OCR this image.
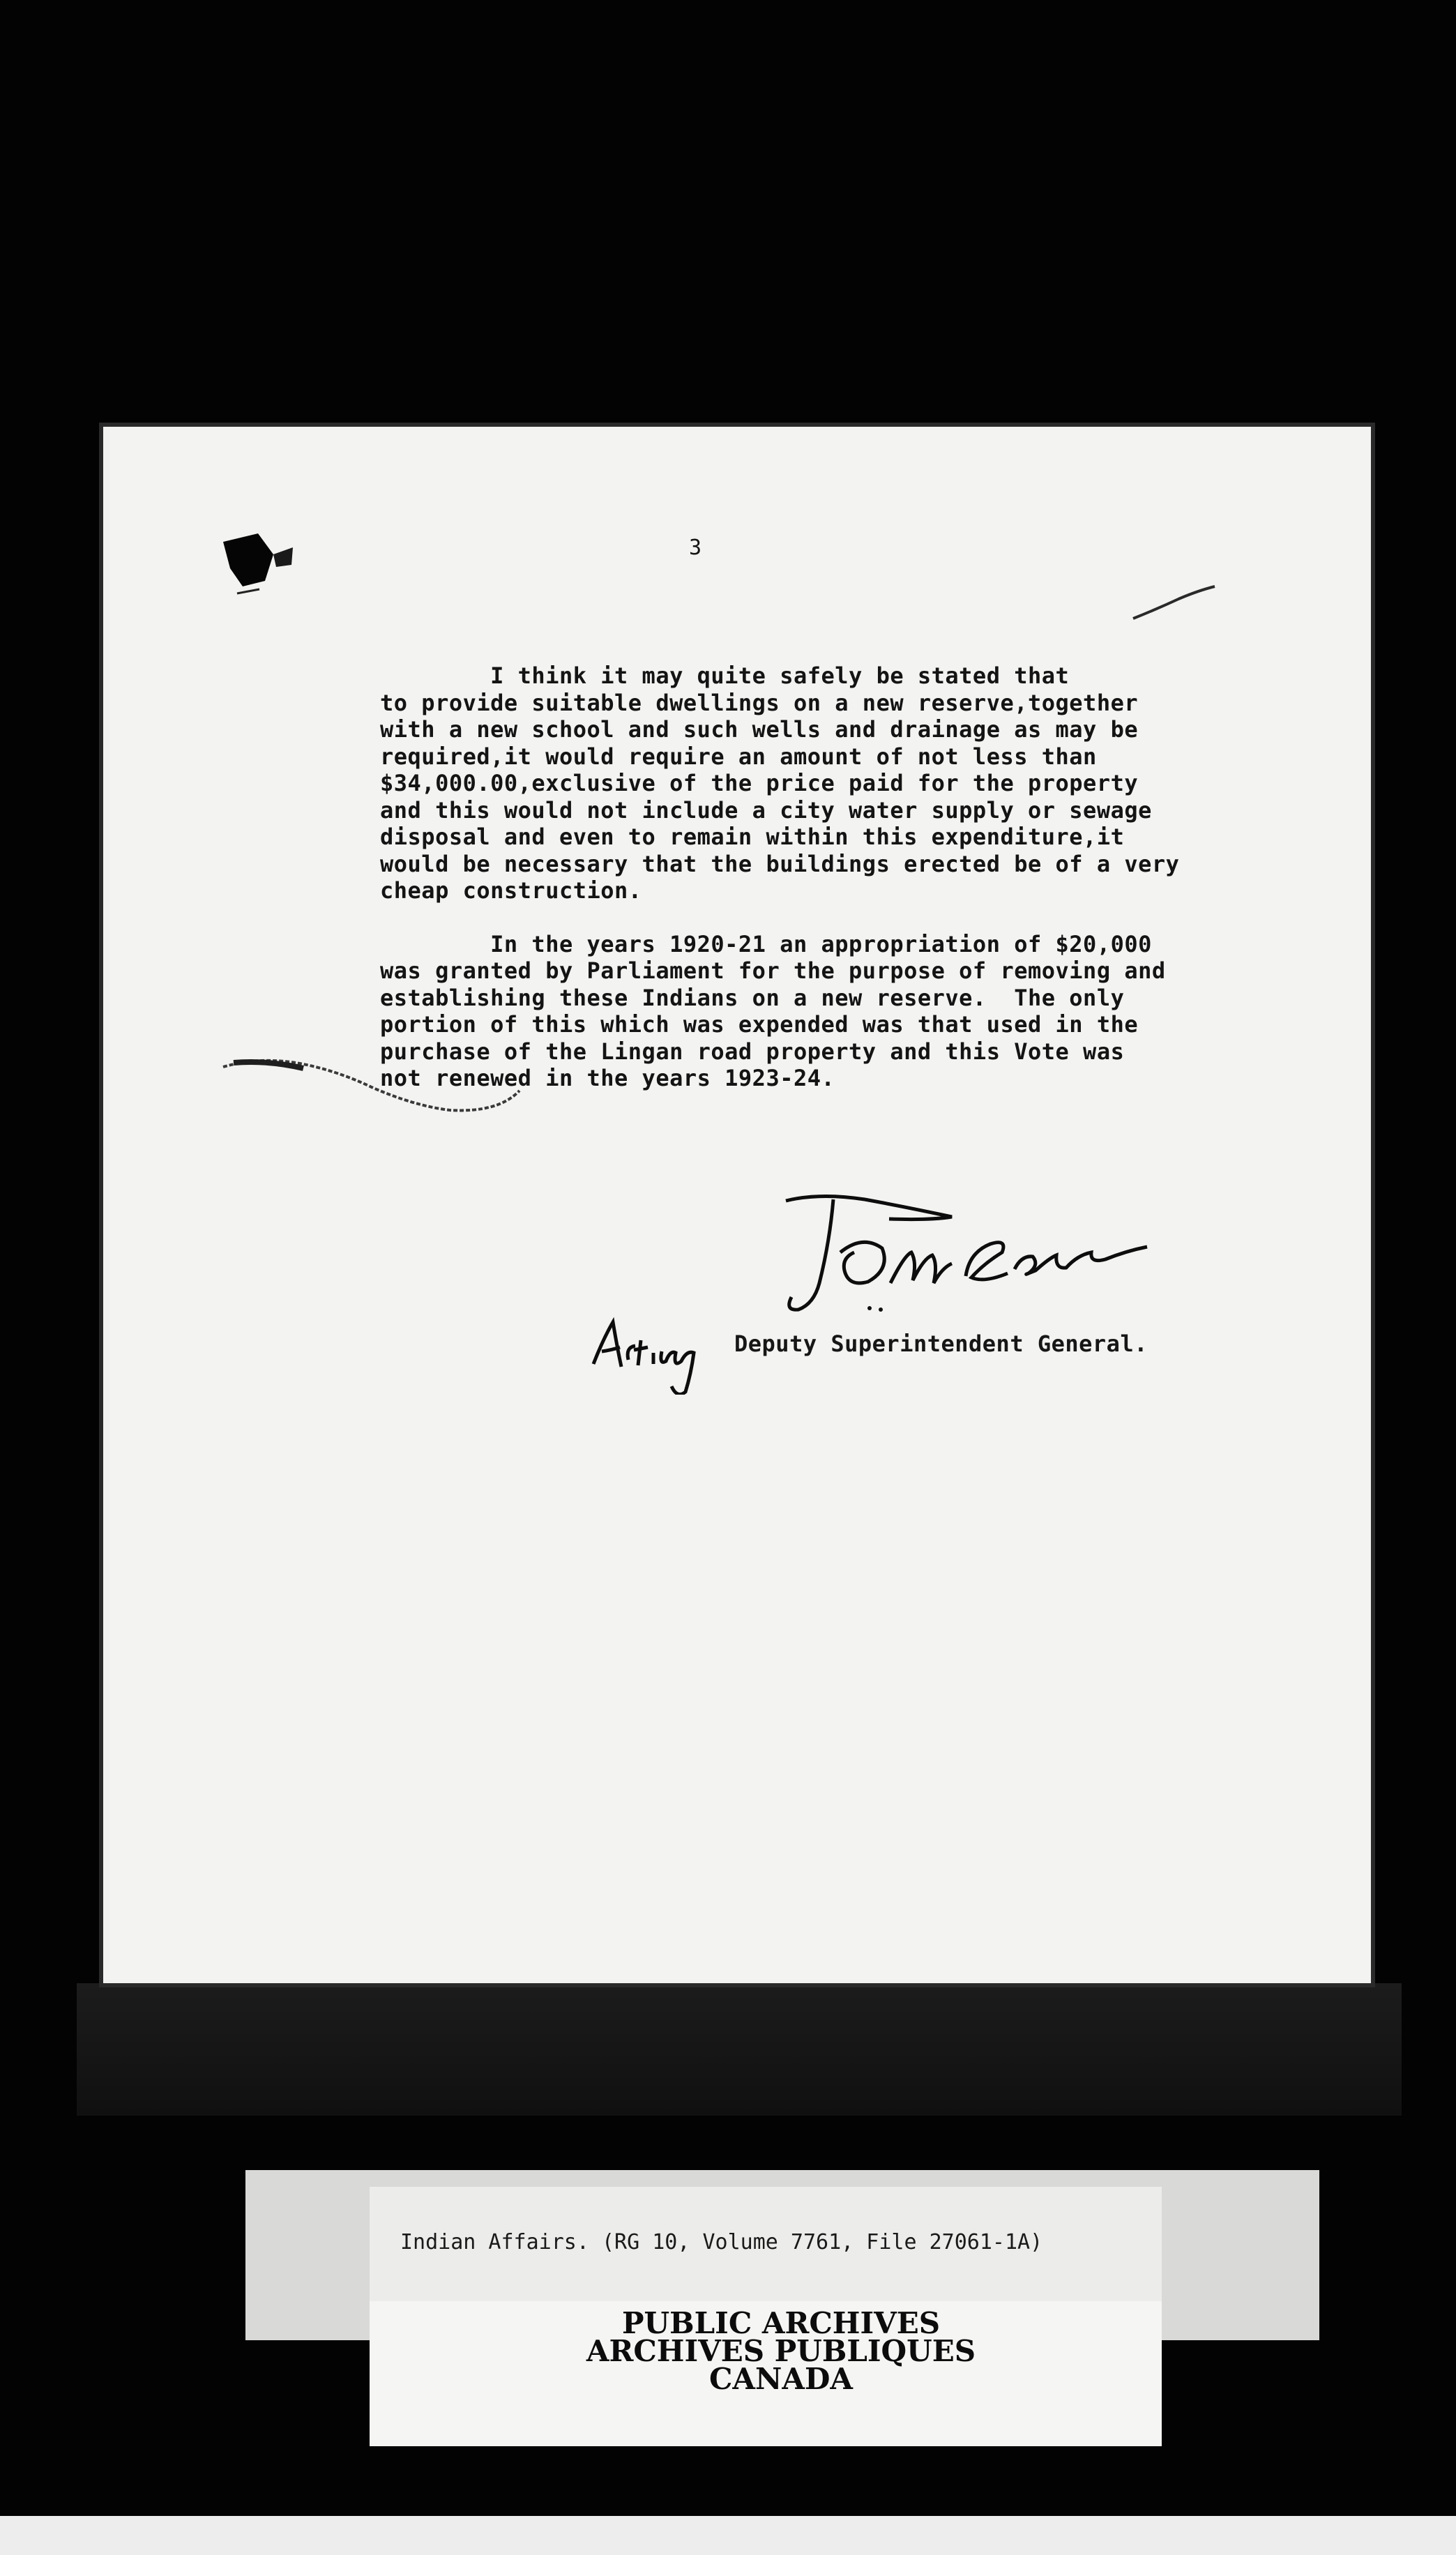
3

I think it may quite safely be stated that
to provide suitable dwellings on a new reserve,together
with a new school and such wells and drainage as may be
required,it would require an amount of not less than
$34,000.00,exclusive of the price paid for the property
and this would not include a city water supply or sewage
disposal and even to remain within this expenditure,it
would be necessary that the buildings erected be of a very
cheap construction.

In the years 1920-21 an appropriation of $20,000
was granted by Parliament for the purpose of removing and
establishing these Indians on a new reserve.  The only
portion of this which was expended was that used in the
purchase of the Lingan road property and this Vote was
not renewed in the years 1923-24.

Deputy Superintendent General.
Indian Affairs. (RG 10, Volume 7761, File 27061-1A)
PUBLIC ARCHIVES
ARCHIVES PUBLIQUES
CANADA
